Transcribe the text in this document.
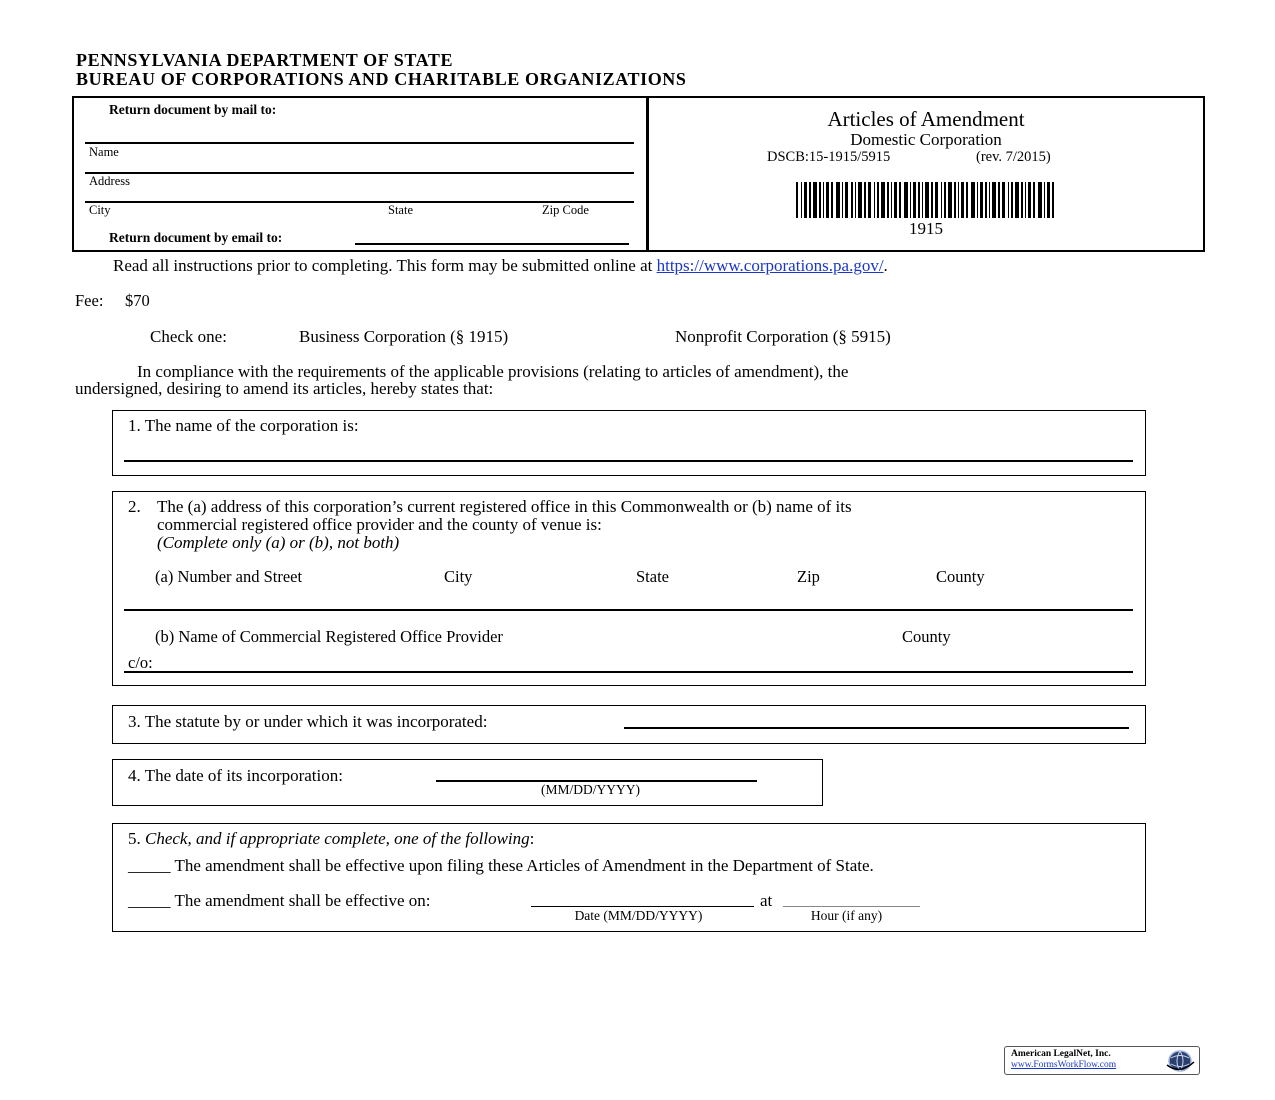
PENNSYLVANIA DEPARTMENT OF STATE
BUREAU OF CORPORATIONS AND CHARITABLE ORGANIZATIONS
Return document by mail to:
Name
Address
City	State	Zip Code
Return document by email to:
Articles of Amendment
Domestic Corporation
DSCB:15-1915/5915	(rev. 7/2015)
1915
Read all instructions prior to completing. This form may be submitted online at https://www.corporations.pa.gov/.
Fee: $70
Check one:	Business Corporation (§ 1915)	Nonprofit Corporation (§ 5915)
In compliance with the requirements of the applicable provisions (relating to articles of amendment), the
undersigned, desiring to amend its articles, hereby states that:
1. The name of the corporation is:
2. The (a) address of this corporation’s current registered office in this Commonwealth or (b) name of its
commercial registered office provider and the county of venue is:
(Complete only (a) or (b), not both)
(a) Number and Street	City	State	Zip	County
(b) Name of Commercial Registered Office Provider	County
c/o:
3. The statute by or under which it was incorporated:
4. The date of its incorporation:
(MM/DD/YYYY)
5. Check, and if appropriate complete, one of the following:
_____ The amendment shall be effective upon filing these Articles of Amendment in the Department of State.
_____ The amendment shall be effective on:	at
Date (MM/DD/YYYY)	Hour (if any)
American LegalNet, Inc.
www.FormsWorkFlow.com
